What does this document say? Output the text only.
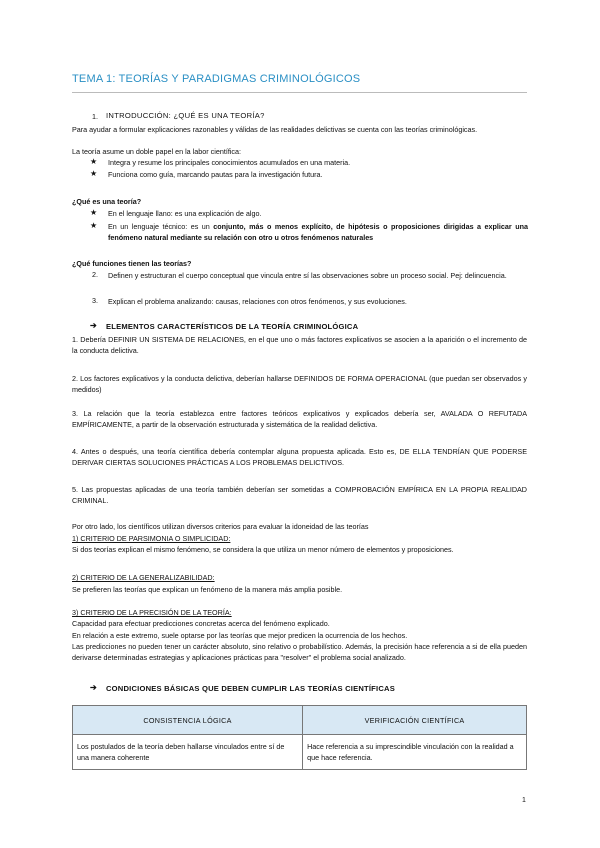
TEMA 1: TEORÍAS Y PARADIGMAS CRIMINOLÓGICOS
1. INTRODUCCIÓN: ¿QUÉ ES UNA TEORÍA?
Para ayudar a formular explicaciones razonables y válidas de las realidades delictivas se cuenta con las teorías criminológicas.
La teoría asume un doble papel en la labor científica:
★ Integra y resume los principales conocimientos acumulados en una materia.
★ Funciona como guía, marcando pautas para la investigación futura.
¿Qué es una teoría?
★ En el lenguaje llano: es una explicación de algo.
★ En un lenguaje técnico: es un conjunto, más o menos explícito, de hipótesis o proposiciones dirigidas a explicar una fenómeno natural mediante su relación con otro u otros fenómenos naturales
¿Qué funciones tienen las teorías?
2. Definen y estructuran el cuerpo conceptual que vincula entre sí las observaciones sobre un proceso social. Pej: delincuencia.
3. Explican el problema analizando: causas, relaciones con otros fenómenos, y sus evoluciones.
➔ ELEMENTOS CARACTERÍSTICOS DE LA TEORÍA CRIMINOLÓGICA
1. Debería DEFINIR UN SISTEMA DE RELACIONES, en el que uno o más factores explicativos se asocien a la aparición o el incremento de la conducta delictiva.
2. Los factores explicativos y la conducta delictiva, deberían hallarse DEFINIDOS DE FORMA OPERACIONAL (que puedan ser observados y medidos)
3. La relación que la teoría establezca entre factores teóricos explicativos y explicados debería ser, AVALADA O REFUTADA EMPÍRICAMENTE, a partir de la observación estructurada y sistemática de la realidad delictiva.
4. Antes o después, una teoría científica debería contemplar alguna propuesta aplicada. Esto es, DE ELLA TENDRÍAN QUE PODERSE DERIVAR CIERTAS SOLUCIONES PRÁCTICAS A LOS PROBLEMAS DELICTIVOS.
5. Las propuestas aplicadas de una teoría también deberían ser sometidas a COMPROBACIÓN EMPÍRICA EN LA PROPIA REALIDAD CRIMINAL.
Por otro lado, los científicos utilizan diversos criterios para evaluar la idoneidad de las teorías
1) CRITERIO DE PARSIMONIA O SIMPLICIDAD:
Si dos teorías explican el mismo fenómeno, se considera la que utiliza un menor número de elementos y proposiciones.
2) CRITERIO DE LA GENERALIZABILIDAD:
Se prefieren las teorías que explican un fenómeno de la manera más amplia posible.
3) CRITERIO DE LA PRECISIÓN DE LA TEORÍA:
Capacidad para efectuar predicciones concretas acerca del fenómeno explicado.
En relación a este extremo, suele optarse por las teorías que mejor predicen la ocurrencia de los hechos.
Las predicciones no pueden tener un carácter absoluto, sino relativo o probabilístico. Además, la precisión hace referencia a si de ella pueden derivarse determinadas estrategias y aplicaciones prácticas para "resolver" el problema social analizado.
➔ CONDICIONES BÁSICAS QUE DEBEN CUMPLIR LAS TEORÍAS CIENTÍFICAS
CONSISTENCIA LÓGICA	VERIFICACIÓN CIENTÍFICA
Los postulados de la teoría deben hallarse vinculados entre sí de una manera coherente	Hace referencia a su imprescindible vinculación con la realidad a que hace referencia.
1
